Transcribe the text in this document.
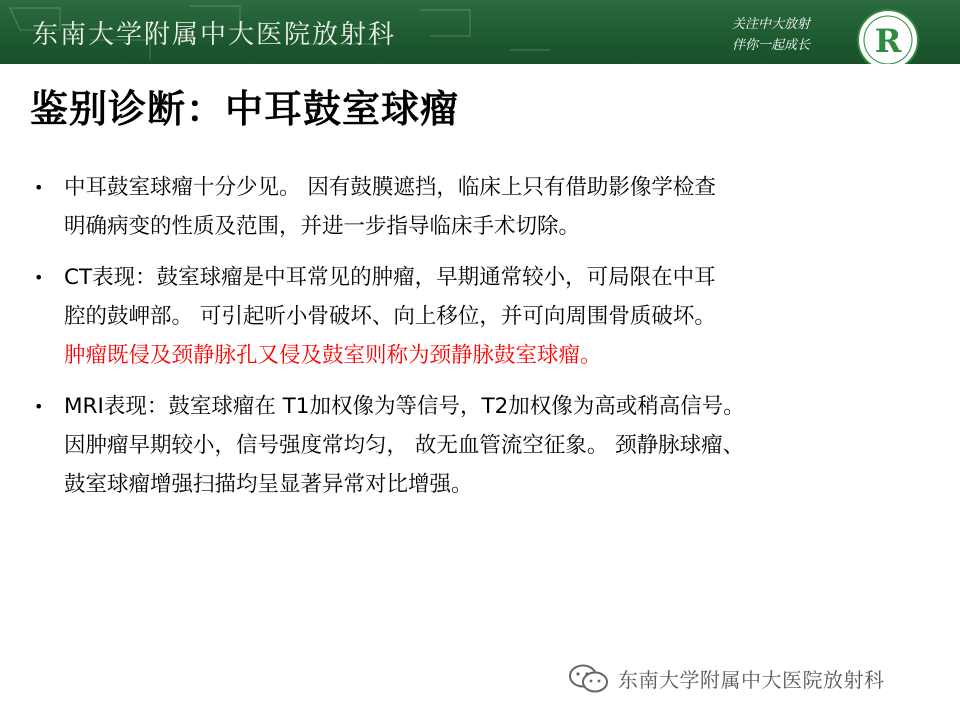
东南大学附属中大医院放射科	关注中大放射
伴你一起成长	R
鉴别诊断：中耳鼓室球瘤
• 中耳鼓室球瘤十分少见。 因有鼓膜遮挡，临床上只有借助影像学检查
明确病变的性质及范围，并进一步指导临床手术切除。
• CT表现：鼓室球瘤是中耳常见的肿瘤，早期通常较小，可局限在中耳
腔的鼓岬部。 可引起听小骨破坏、向上移位，并可向周围骨质破坏。
肿瘤既侵及颈静脉孔又侵及鼓室则称为颈静脉鼓室球瘤。
• MRI表现：鼓室球瘤在 T1加权像为等信号，T2加权像为高或稍高信号。
因肿瘤早期较小，信号强度常均匀， 故无血管流空征象。 颈静脉球瘤、
鼓室球瘤增强扫描均呈显著异常对比增强。
东南大学附属中大医院放射科
